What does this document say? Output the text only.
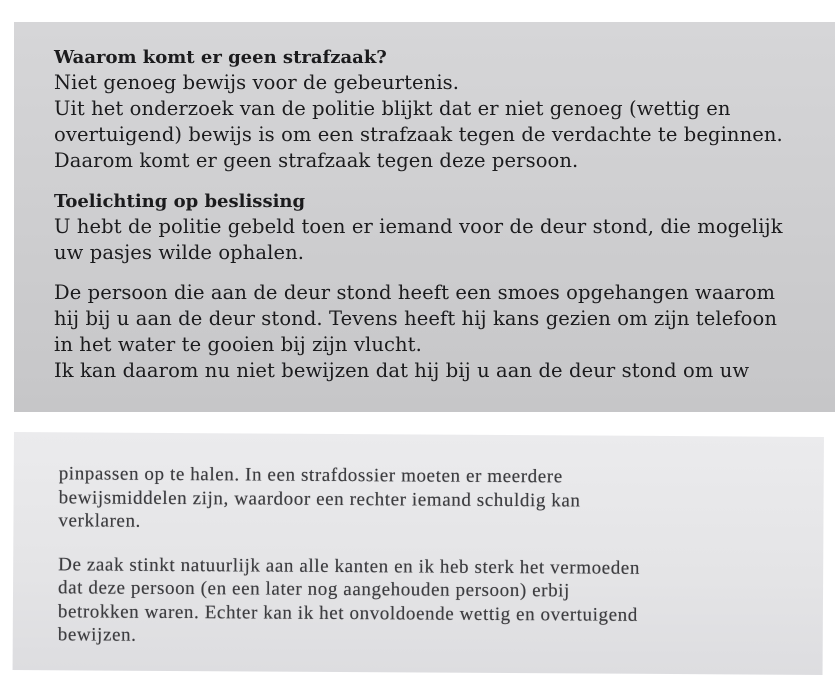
Waarom komt er geen strafzaak?

Niet genoeg bewijs voor de gebeurtenis.

Uit het onderzoek van de politie blijkt dat er niet genoeg (wettig en

overtuigend) bewijs is om een strafzaak tegen de verdachte te beginnen.

Daarom komt er geen strafzaak tegen deze persoon.

Toelichting op beslissing

U hebt de politie gebeld toen er iemand voor de deur stond, die mogelijk

uw pasjes wilde ophalen.

De persoon die aan de deur stond heeft een smoes opgehangen waarom

hij bij u aan de deur stond. Tevens heeft hij kans gezien om zijn telefoon

in het water te gooien bij zijn vlucht.

Ik kan daarom nu niet bewijzen dat hij bij u aan de deur stond om uw

pinpassen op te halen. In een strafdossier moeten er meerdere

bewijsmiddelen zijn, waardoor een rechter iemand schuldig kan

verklaren.

De zaak stinkt natuurlijk aan alle kanten en ik heb sterk het vermoeden

dat deze persoon (en een later nog aangehouden persoon) erbij

betrokken waren. Echter kan ik het onvoldoende wettig en overtuigend

bewijzen.
